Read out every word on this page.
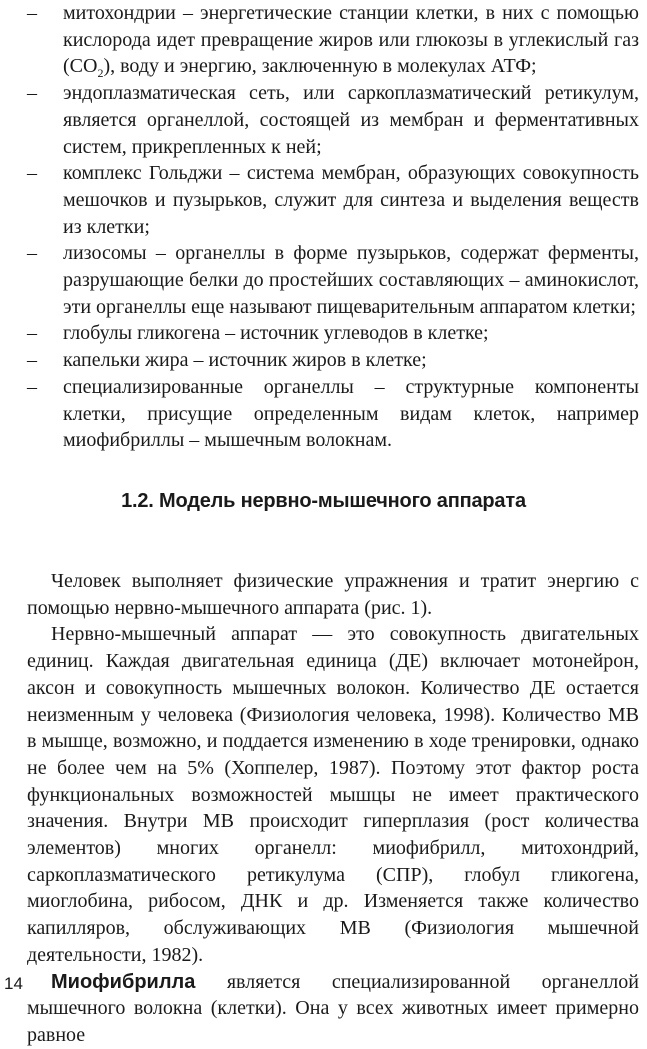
– митохондрии – энергетические станции клетки, в них с помощью кислорода идет превращение жиров или глюкозы в углекислый газ $(CO_2)$, воду и энергию, заключенную в молекулах АТФ;
– эндоплазматическая сеть, или саркоплазматический ретикулум, является органеллой, состоящей из мембран и ферментативных систем, прикрепленных к ней;
– комплекс Гольджи – система мембран, образующих совокупность мешочков и пузырьков, служит для синтеза и выделения веществ из клетки;
– лизосомы – органеллы в форме пузырьков, содержат ферменты, разрушающие белки до простейших составляющих – аминокислот, эти органеллы еще называют пищеварительным аппаратом клетки;
– глобулы гликогена – источник углеводов в клетке;
– капельки жира – источник жиров в клетке;
– специализированные органеллы – структурные компоненты клетки, присущие определенным видам клеток, например миофибриллы – мышечным волокнам.
1.2. Модель нервно-мышечного аппарата

Человек выполняет физические упражнения и тратит энергию с помощью нервно-мышечного аппарата (рис. 1).

Нервно-мышечный аппарат — это совокупность двигательных единиц. Каждая двигательная единица (ДЕ) включает мотонейрон, аксон и совокупность мышечных волокон. Количество ДЕ остается неизменным у человека (Физиология человека, 1998). Количество МВ в мышце, возможно, и поддается изменению в ходе тренировки, однако не более чем на 5% (Хоппелер, 1987). Поэтому этот фактор роста функциональных возможностей мышцы не имеет практического значения. Внутри МВ происходит гиперплазия (рост количества элементов) многих органелл: миофибрилл, митохондрий, саркоплазматического ретикулума (СПР), глобул гликогена, миоглобина, рибосом, ДНК и др. Изменяется также количество капилляров, обслуживающих МВ (Физиология мышечной деятельности, 1982).

Миофибрилла является специализированной органеллой мышечного волокна (клетки). Она у всех животных имеет примерно равное

14
